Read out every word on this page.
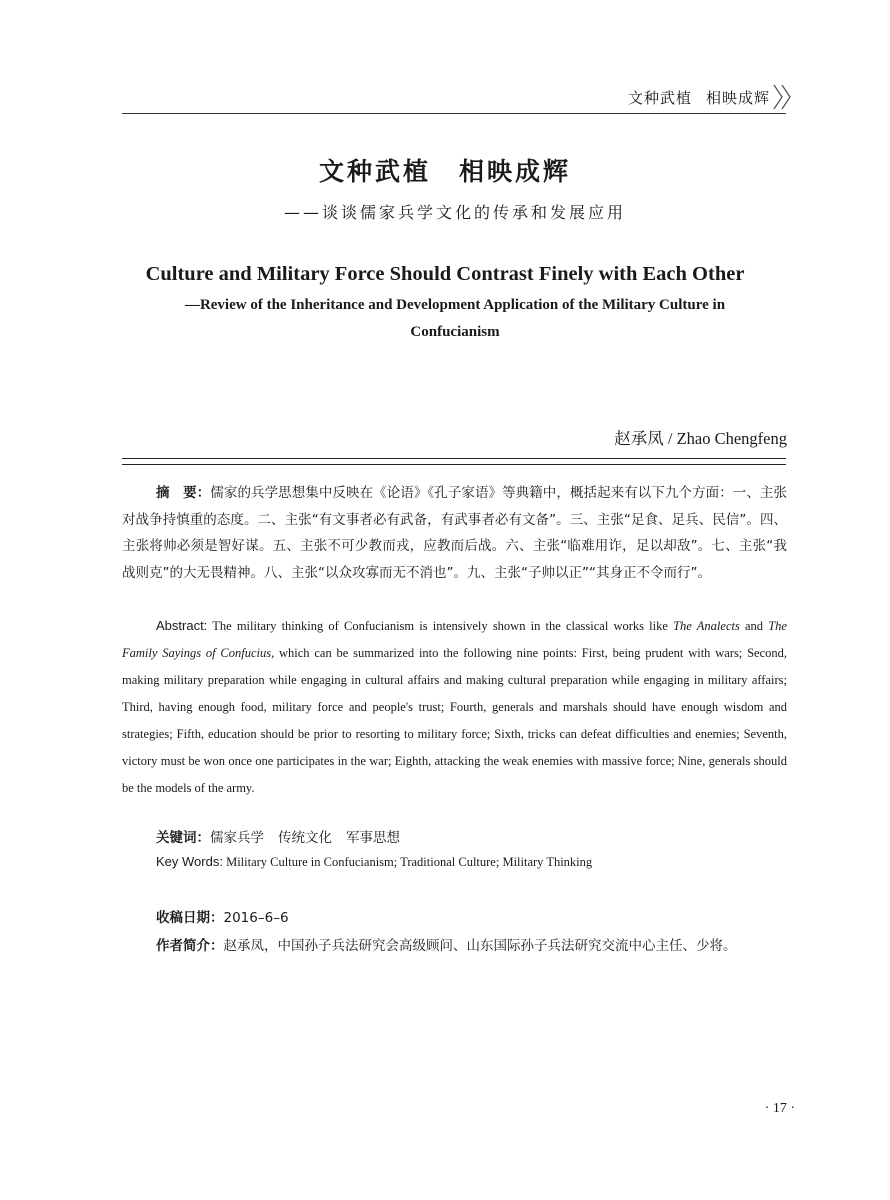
文种武植 相映成辉
文种武植　相映成辉
——谈谈儒家兵学文化的传承和发展应用
Culture and Military Force Should Contrast Finely with Each Other
—Review of the Inheritance and Development Application of the Military Culture in Confucianism
赵承凤 / Zhao Chengfeng
摘　要：儒家的兵学思想集中反映在《论语》《孔子家语》等典籍中，概括起来有以下九个方面：一、主张对战争持慎重的态度。二、主张“有文事者必有武备，有武事者必有文备”。三、主张“足食、足兵、民信”。四、主张将帅必须是智好谋。五、主张不可少教而戎，应教而后战。六、主张“临难用诈，足以却敌”。七、主张“我战则克”的大无畏精神。八、主张“以众攻寡而无不消也”。九、主张“子帅以正”“其身正不令而行”。
Abstract: The military thinking of Confucianism is intensively shown in the classical works like The Analects and The Family Sayings of Confucius, which can be summarized into the following nine points: First, being prudent with wars; Second, making military preparation while engaging in cultural affairs and making cultural preparation while engaging in military affairs; Third, having enough food, military force and people's trust; Fourth, generals and marshals should have enough wisdom and strategies; Fifth, education should be prior to resorting to military force; Sixth, tricks can defeat difficulties and enemies; Seventh, victory must be won once one participates in the war; Eighth, attacking the weak enemies with massive force; Nine, generals should be the models of the army.
关键词：儒家兵学 传统文化 军事思想
Key Words: Military Culture in Confucianism; Traditional Culture; Military Thinking
收稿日期：2016–6–6
作者简介：赵承凤，中国孙子兵法研究会高级顾问、山东国际孙子兵法研究交流中心主任、少将。
· 17 ·
